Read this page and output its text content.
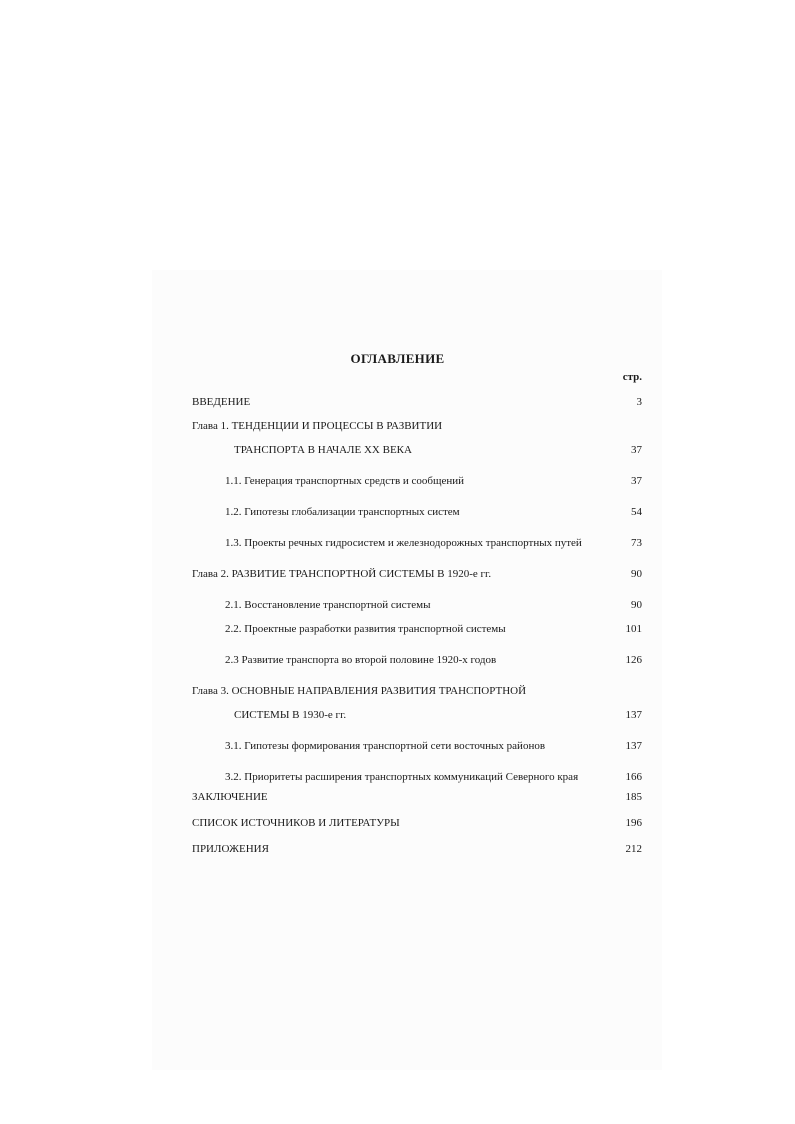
ОГЛАВЛЕНИЕ
стр.
ВВЕДЕНИЕ	3
Глава 1. ТЕНДЕНЦИИ И ПРОЦЕССЫ В РАЗВИТИИ
ТРАНСПОРТА В НАЧАЛЕ XX ВЕКА	37
1.1. Генерация транспортных средств и сообщений	37
1.2. Гипотезы глобализации транспортных систем	54
1.3. Проекты речных гидросистем и железнодорожных транспортных путей	73
Глава 2. РАЗВИТИЕ ТРАНСПОРТНОЙ СИСТЕМЫ В 1920-е гг.	90
2.1. Восстановление транспортной системы	90
2.2. Проектные разработки развития транспортной системы	101
2.3 Развитие транспорта во второй половине 1920-х годов	126
Глава 3. ОСНОВНЫЕ НАПРАВЛЕНИЯ РАЗВИТИЯ ТРАНСПОРТНОЙ
СИСТЕМЫ В 1930-е гг.	137
3.1. Гипотезы формирования транспортной сети восточных районов	137
3.2. Приоритеты расширения транспортных коммуникаций Северного края	166
ЗАКЛЮЧЕНИЕ	185
СПИСОК ИСТОЧНИКОВ И ЛИТЕРАТУРЫ	196
ПРИЛОЖЕНИЯ	212
